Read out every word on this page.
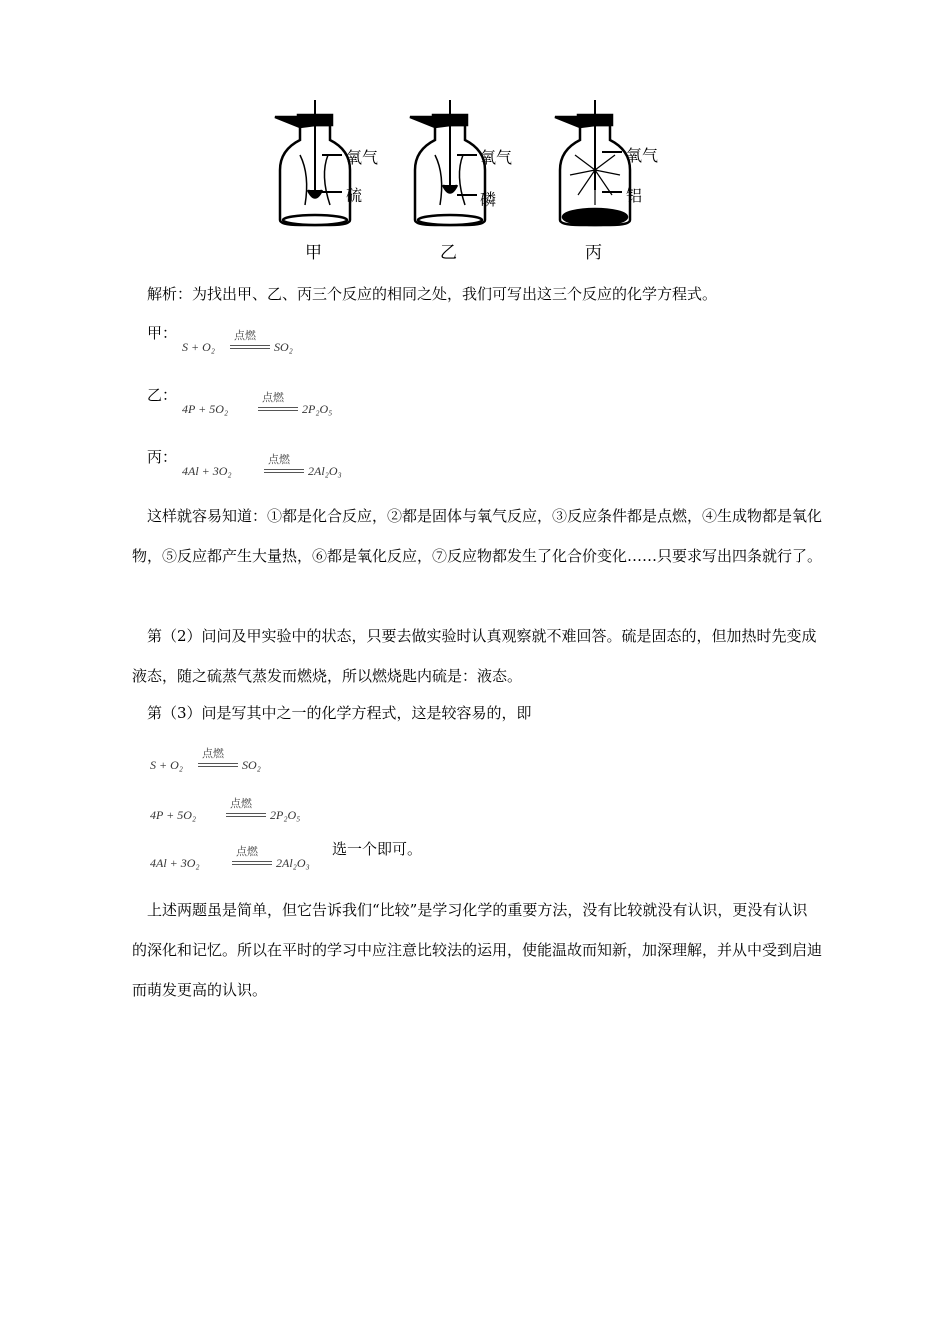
氧气
硫
氧气
磷
氧气
铝
甲	乙	丙
解析：为找出甲、乙、丙三个反应的相同之处，我们可写出这三个反应的化学方程式。
甲：
S + O₂
点燃
SO₂
乙：
4P + 5O₂
点燃
2P₂O₅
丙：
4Al + 3O₂
点燃
2Al₂O₃

这样就容易知道：①都是化合反应，②都是固体与氧气反应，③反应条件都是点燃，④生成物都是氧化物，⑤反应都产生大量热，⑥都是氧化反应，⑦反应物都发生了化合价变化……只要求写出四条就行了。

第（2）问问及甲实验中的状态，只要去做实验时认真观察就不难回答。硫是固态的，但加热时先变成液态，随之硫蒸气蒸发而燃烧，所以燃烧匙内硫是：液态。

第（3）问是写其中之一的化学方程式，这是较容易的，即
S + O₂
点燃
SO₂
4P + 5O₂
点燃
2P₂O₅
4Al + 3O₂
点燃
2Al₂O₃
选一个即可。

上述两题虽是简单，但它告诉我们“比较”是学习化学的重要方法，没有比较就没有认识，更没有认识的深化和记忆。所以在平时的学习中应注意比较法的运用，使能温故而知新，加深理解，并从中受到启迪而萌发更高的认识。
